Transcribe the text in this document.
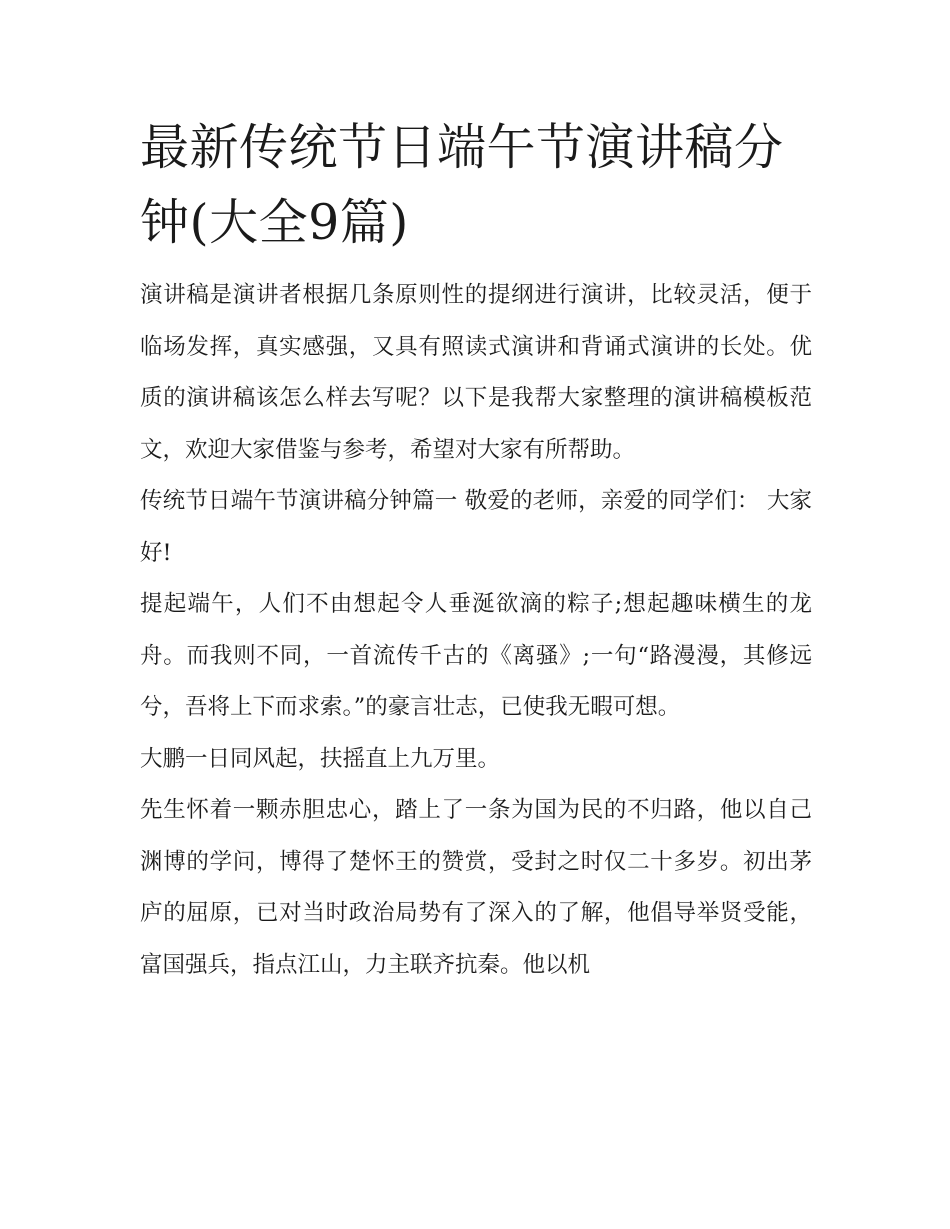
最新传统节日端午节演讲稿分钟(大全9篇)

演讲稿是演讲者根据几条原则性的提纲进行演讲，比较灵活，便于临场发挥，真实感强，又具有照读式演讲和背诵式演讲的长处。优质的演讲稿该怎么样去写呢？以下是我帮大家整理的演讲稿模板范文，欢迎大家借鉴与参考，希望对大家有所帮助。

传统节日端午节演讲稿分钟篇一 敬爱的老师，亲爱的同学们： 大家好!

提起端午，人们不由想起令人垂涎欲滴的粽子;想起趣味横生的龙舟。而我则不同，一首流传千古的《离骚》;一句“路漫漫，其修远兮，吾将上下而求索。”的豪言壮志，已使我无暇可想。

大鹏一日同风起，扶摇直上九万里。

先生怀着一颗赤胆忠心，踏上了一条为国为民的不归路，他以自己渊博的学问，博得了楚怀王的赞赏，受封之时仅二十多岁。初出茅庐的屈原，已对当时政治局势有了深入的了解，他倡导举贤受能，富国强兵，指点江山，力主联齐抗秦。他以机
